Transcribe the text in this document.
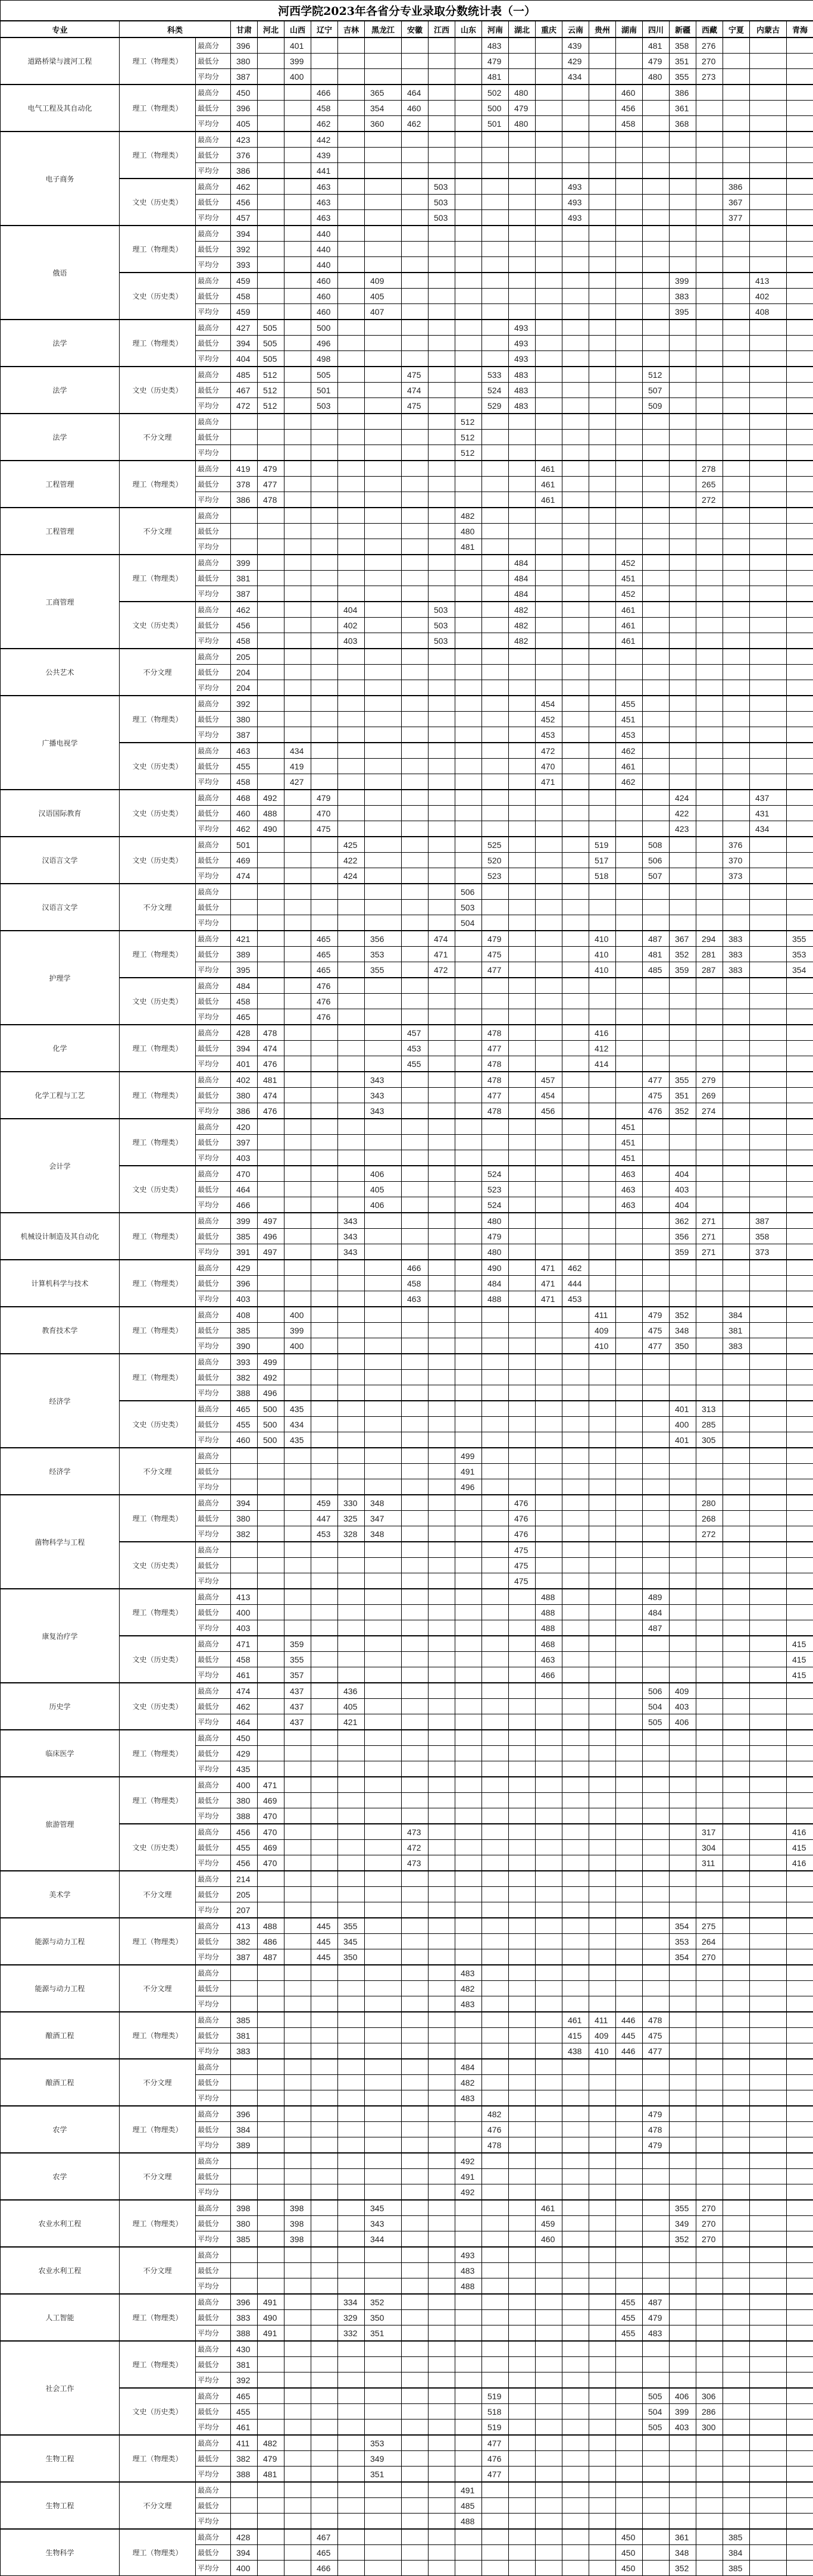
河西学院2023年各省分专业录取分数统计表（一）																							
专业	科类		甘肃	河北	山西	辽宁	吉林	黑龙江	安徽	江西	山东	河南	湖北	重庆	云南	贵州	湖南	四川	新疆	西藏	宁夏	内蒙古	青海
道路桥梁与渡河工程	理工（物理类）	最高分	396		401							483			439			481	358	276			
		最低分	380		399							479			429			479	351	270			
		平均分	387		400							481			434			480	355	273			
电气工程及其自动化	理工（物理类）	最高分	450			466		365	464			502	480				460		386				
		最低分	396			458		354	460			500	479				456		361				
		平均分	405			462		360	462			501	480				458		368				
电子商务	理工（物理类）	最高分	423			442																	
		最低分	376			439																	
		平均分	386			441																	
	文史（历史类）	最高分	462			463				503					493						386		
		最低分	456			463				503					493						367		
		平均分	457			463				503					493						377		
俄语	理工（物理类）	最高分	394			440																	
		最低分	392			440																	
		平均分	393			440																	
	文史（历史类）	最高分	459			460		409											399			413	
		最低分	458			460		405											383			402	
		平均分	459			460		407											395			408	
法学	理工（物理类）	最高分	427	505		500							493										
		最低分	394	505		496							493										
		平均分	404	505		498							493										
法学	文史（历史类）	最高分	485	512		505			475			533	483					512					
		最低分	467	512		501			474			524	483					507					
		平均分	472	512		503			475			529	483					509					
法学	不分文理	最高分									512												
		最低分									512												
		平均分									512												
工程管理	理工（物理类）	最高分	419	479										461						278			
		最低分	378	477										461						265			
		平均分	386	478										461						272			
工程管理	不分文理	最高分									482												
		最低分									480												
		平均分									481												
工商管理	理工（物理类）	最高分	399										484				452						
		最低分	381										484				451						
		平均分	387										484				452						
	文史（历史类）	最高分	462				404			503			482				461						
		最低分	456				402			503			482				461						
		平均分	458				403			503			482				461						
公共艺术	不分文理	最高分	205																				
		最低分	204																				
		平均分	204																				
广播电视学	理工（物理类）	最高分	392											454			455						
		最低分	380											452			451						
		平均分	387											453			453						
	文史（历史类）	最高分	463		434									472			462						
		最低分	455		419									470			461						
		平均分	458		427									471			462						
汉语国际教育	文史（历史类）	最高分	468	492		479													424			437	
		最低分	460	488		470													422			431	
		平均分	462	490		475													423			434	
汉语言文学	文史（历史类）	最高分	501				425					525				519		508			376		
		最低分	469				422					520				517		506			370		
		平均分	474				424					523				518		507			373		
汉语言文学	不分文理	最高分									506												
		最低分									503												
		平均分									504												
护理学	理工（物理类）	最高分	421			465		356		474		479				410		487	367	294	383		355
		最低分	389			465		353		471		475				410		481	352	281	383		353
		平均分	395			465		355		472		477				410		485	359	287	383		354
	文史（历史类）	最高分	484			476																	
		最低分	458			476																	
		平均分	465			476																	
化学	理工（物理类）	最高分	428	478					457			478				416							
		最低分	394	474					453			477				412							
		平均分	401	476					455			478				414							
化学工程与工艺	理工（物理类）	最高分	402	481				343				478		457				477	355	279			
		最低分	380	474				343				477		454				475	351	269			
		平均分	386	476				343				478		456				476	352	274			
会计学	理工（物理类）	最高分	420														451						
		最低分	397														451						
		平均分	403														451						
	文史（历史类）	最高分	470					406				524					463		404				
		最低分	464					405				523					463		403				
		平均分	466					406				524					463		404				
机械设计制造及其自动化	理工（物理类）	最高分	399	497			343					480							362	271		387	
		最低分	385	496			343					479							356	271		358	
		平均分	391	497			343					480							359	271		373	
计算机科学与技术	理工（物理类）	最高分	429						466			490		471	462								
		最低分	396						458			484		471	444								
		平均分	403						463			488		471	453								
教育技术学	理工（物理类）	最高分	408		400											411		479	352		384		
		最低分	385		399											409		475	348		381		
		平均分	390		400											410		477	350		383		
经济学	理工（物理类）	最高分	393	499																			
		最低分	382	492																			
		平均分	388	496																			
	文史（历史类）	最高分	465	500	435														401	313			
		最低分	455	500	434														400	285			
		平均分	460	500	435														401	305			
经济学	不分文理	最高分									499												
		最低分									491												
		平均分									496												
菌物科学与工程	理工（物理类）	最高分	394			459	330	348					476							280			
		最低分	380			447	325	347					476							268			
		平均分	382			453	328	348					476							272			
	文史（历史类）	最高分											475										
		最低分											475										
		平均分											475										
康复治疗学	理工（物理类）	最高分	413											488				489					
		最低分	400											488				484					
		平均分	403											488				487					
	文史（历史类）	最高分	471		359									468									415
		最低分	458		355									463									415
		平均分	461		357									466									415
历史学	文史（历史类）	最高分	474		437		436											506	409				
		最低分	462		437		405											504	403				
		平均分	464		437		421											505	406				
临床医学	理工（物理类）	最高分	450																				
		最低分	429																				
		平均分	435																				
旅游管理	理工（物理类）	最高分	400	471																			
		最低分	380	469																			
		平均分	388	470																			
	文史（历史类）	最高分	456	470					473											317			416
		最低分	455	469					472											304			415
		平均分	456	470					473											311			416
美术学	不分文理	最高分	214																				
		最低分	205																				
		平均分	207																				
能源与动力工程	理工（物理类）	最高分	413	488		445	355												354	275			
		最低分	382	486		445	345												353	264			
		平均分	387	487		445	350												354	270			
能源与动力工程	不分文理	最高分									483												
		最低分									482												
		平均分									483												
酿酒工程	理工（物理类）	最高分	385												461	411	446	478					
		最低分	381												415	409	445	475					
		平均分	383												438	410	446	477					
酿酒工程	不分文理	最高分									484												
		最低分									482												
		平均分									483												
农学	理工（物理类）	最高分	396									482						479					
		最低分	384									476						478					
		平均分	389									478						479					
农学	不分文理	最高分									492												
		最低分									491												
		平均分									492												
农业水利工程	理工（物理类）	最高分	398		398			345						461					355	270			
		最低分	380		398			343						459					349	270			
		平均分	385		398			344						460					352	270			
农业水利工程	不分文理	最高分									493												
		最低分									483												
		平均分									488												
人工智能	理工（物理类）	最高分	396	491			334	352									455	487					
		最低分	383	490			329	350									455	479					
		平均分	388	491			332	351									455	483					
社会工作	理工（物理类）	最高分	430																				
		最低分	381																				
		平均分	392																				
	文史（历史类）	最高分	465									519						505	406	306			
		最低分	455									518						504	399	286			
		平均分	461									519						505	403	300			
生物工程	理工（物理类）	最高分	411	482				353				477											
		最低分	382	479				349				476											
		平均分	388	481				351				477											
生物工程	不分文理	最高分									491												
		最低分									485												
		平均分									488												
生物科学	理工（物理类）	最高分	428			467											450		361		385		
		最低分	394			465											450		348		384		
		平均分	400			466											450		352		385		
